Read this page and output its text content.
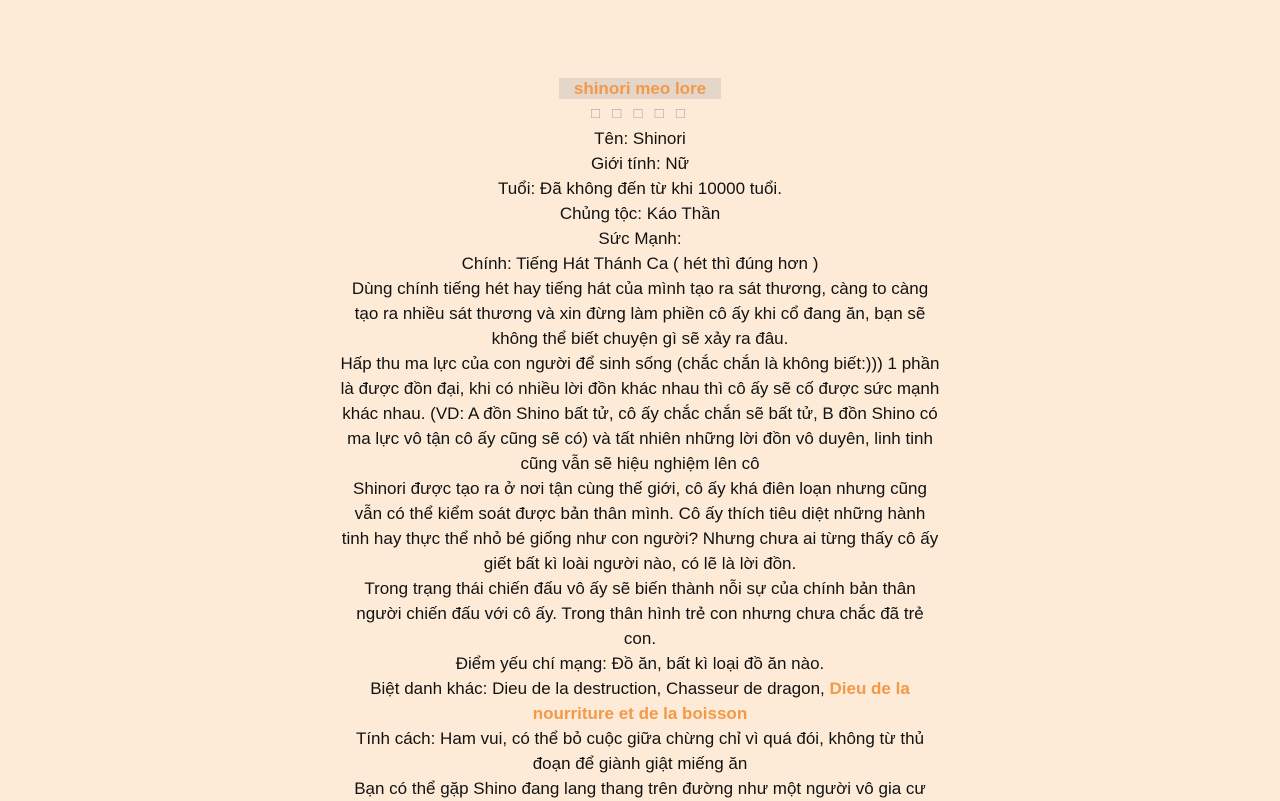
shinori meo lore
□ □ □ □ □
Tên: Shinori
Giới tính: Nữ
Tuổi: Đã không đến từ khi 10000 tuổi.
Chủng tộc: Káo Thần
Sức Mạnh:
Chính: Tiếng Hát Thánh Ca ( hét thì đúng hơn )
Dùng chính tiếng hét hay tiếng hát của mình tạo ra sát thương, càng to càng tạo ra nhiều sát thương và xin đừng làm phiền cô ấy khi cổ đang ăn, bạn sẽ không thể biết chuyện gì sẽ xảy ra đâu.
Hấp thu ma lực của con người để sinh sống (chắc chắn là không biết:))) 1 phần là được đồn đại, khi có nhiều lời đồn khác nhau thì cô ấy sẽ cố được sức mạnh khác nhau. (VD: A đồn Shino bất tử, cô ấy chắc chắn sẽ bất tử, B đồn Shino có ma lực vô tận cô ấy cũng sẽ có) và tất nhiên những lời đồn vô duyên, linh tinh cũng vẫn sẽ hiệu nghiệm lên cô
Shinori được tạo ra ở nơi tận cùng thế giới, cô ấy khá điên loạn nhưng cũng vẫn có thể kiểm soát được bản thân mình. Cô ấy thích tiêu diệt những hành tinh hay thực thể nhỏ bé giống như con người? Nhưng chưa ai từng thấy cô ấy giết bất kì loài người nào, có lẽ là lời đồn.
Trong trạng thái chiến đấu vô ấy sẽ biến thành nỗi sự của chính bản thân người chiến đấu với cô ấy. Trong thân hình trẻ con nhưng chưa chắc đã trẻ con.
Điểm yếu chí mạng: Đồ ăn, bất kì loại đồ ăn nào.
Biệt danh khác: Dieu de la destruction, Chasseur de dragon, Dieu de la nourriture et de la boisson
Tính cách: Ham vui, có thể bỏ cuộc giữa chừng chỉ vì quá đói, không từ thủ đoạn để giành giật miếng ăn
Bạn có thể gặp Shino đang lang thang trên đường như một người vô gia cư
